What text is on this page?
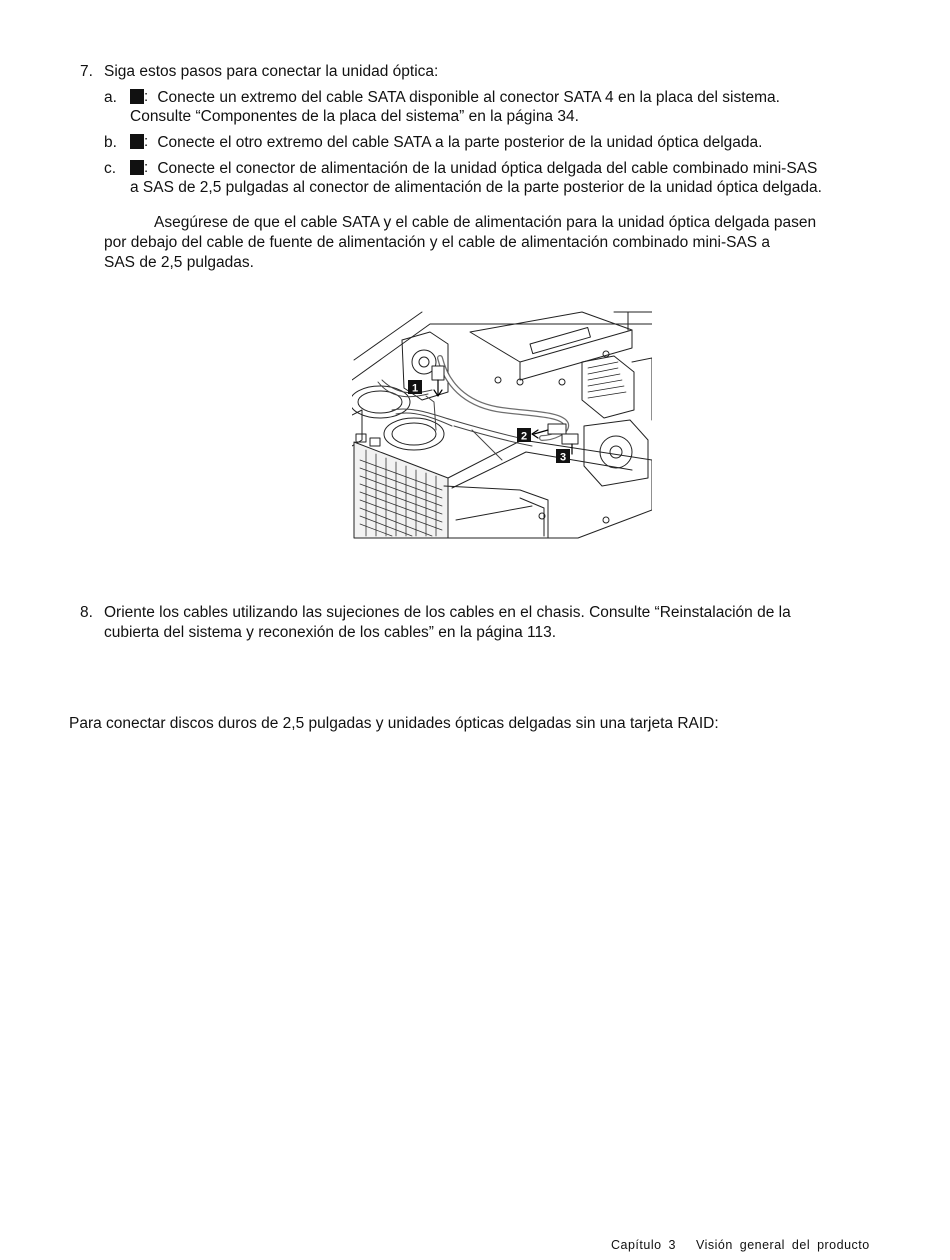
7. Siga estos pasos para conectar la unidad óptica:
a. :	Conecte un extremo del cable SATA disponible al conector SATA 4 en la placa del sistema.
Consulte “Componentes de la placa del sistema” en la página 34.
b. :	Conecte el otro extremo del cable SATA a la parte posterior de la unidad óptica delgada.
c. :	Conecte el conector de alimentación de la unidad óptica delgada del cable combinado mini-SAS
a SAS de 2,5 pulgadas al conector de alimentación de la parte posterior de la unidad óptica delgada.
Asegúrese de que el cable SATA y el cable de alimentación para la unidad óptica delgada pasen
por debajo del cable de fuente de alimentación y el cable de alimentación combinado mini-SAS a
SAS de 2,5 pulgadas.
1
2
3
8. Oriente los cables utilizando las sujeciones de los cables en el chasis. Consulte “Reinstalación de la
cubierta del sistema y reconexión de los cables” en la página 113.
Para conectar discos duros de 2,5 pulgadas y unidades ópticas delgadas sin una tarjeta RAID:
Capítulo 3 Visión general del producto
